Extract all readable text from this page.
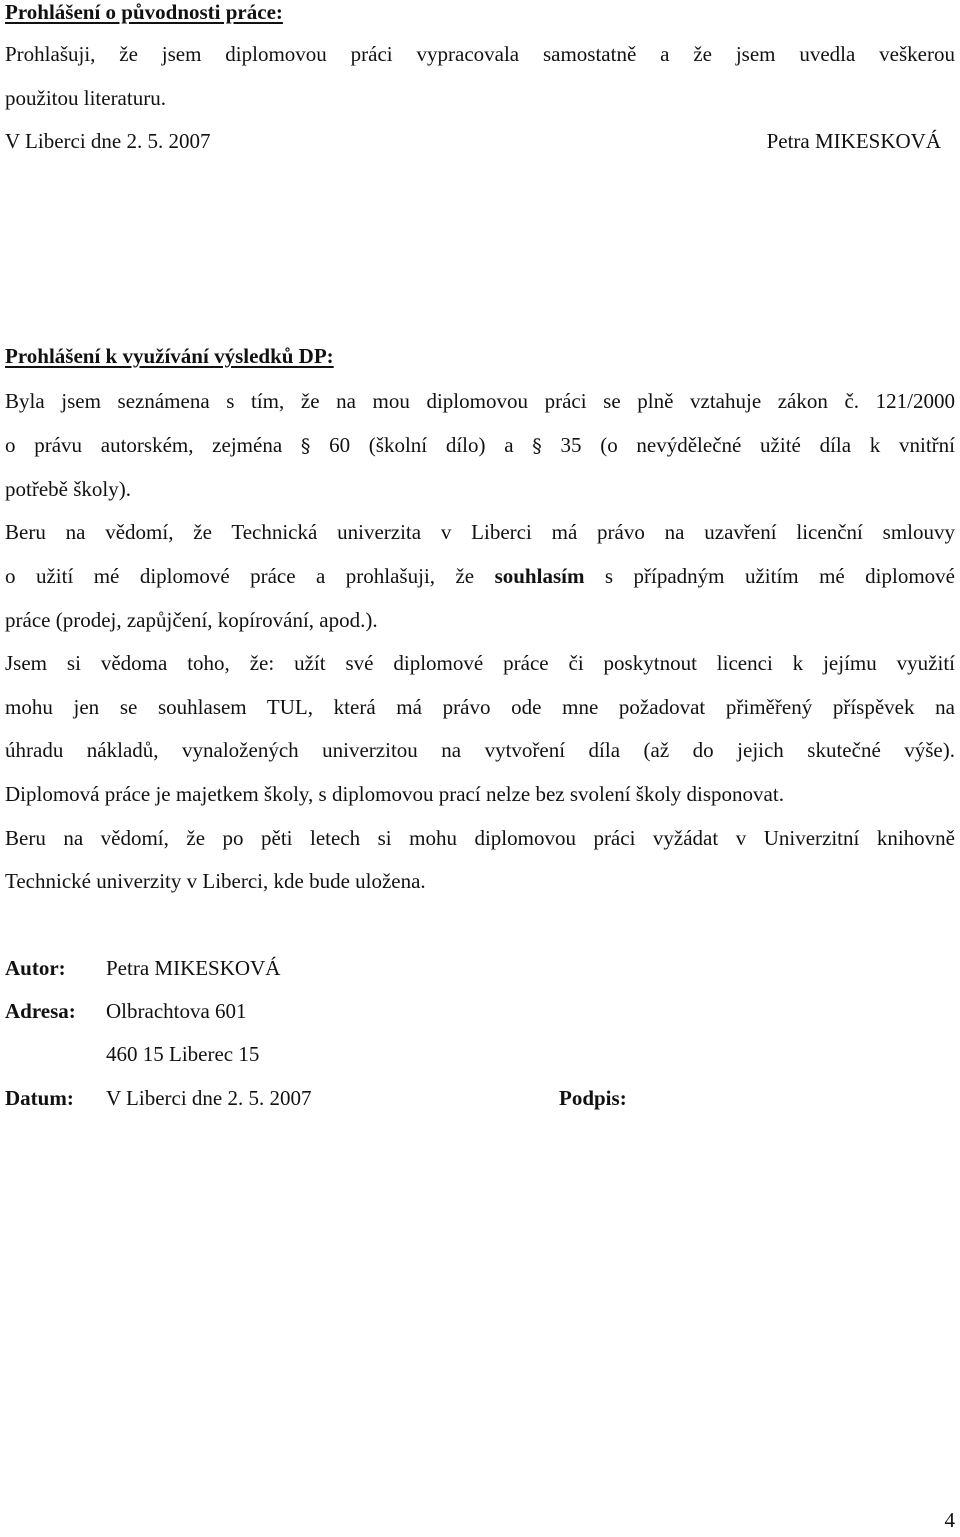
Prohlášení o původnosti práce:
Prohlašuji, že jsem diplomovou práci vypracovala samostatně a že jsem uvedla veškerou
použitou literaturu.
V Liberci dne 2. 5. 2007	Petra MIKESKOVÁ
Prohlášení k využívání výsledků DP:
Byla jsem seznámena s tím, že na mou diplomovou práci se plně vztahuje zákon č. 121/2000
o právu autorském, zejména § 60 (školní dílo) a § 35 (o nevýdělečné užité díla k vnitřní
potřebě školy).
Beru na vědomí, že Technická univerzita v Liberci má právo na uzavření licenční smlouvy
o užití mé diplomové práce a prohlašuji, že souhlasím s případným užitím mé diplomové
práce (prodej, zapůjčení, kopírování, apod.).
Jsem si vědoma toho, že: užít své diplomové práce či poskytnout licenci k jejímu využití
mohu jen se souhlasem TUL, která má právo ode mne požadovat přiměřený příspěvek na
úhradu nákladů, vynaložených univerzitou na vytvoření díla (až do jejich skutečné výše).
Diplomová práce je majetkem školy, s diplomovou prací nelze bez svolení školy disponovat.
Beru na vědomí, že po pěti letech si mohu diplomovou práci vyžádat v Univerzitní knihovně
Technické univerzity v Liberci, kde bude uložena.
Autor: Petra MIKESKOVÁ
Adresa: Olbrachtova 601
460 15 Liberec 15
Datum: V Liberci dne 2. 5. 2007	Podpis:
4
